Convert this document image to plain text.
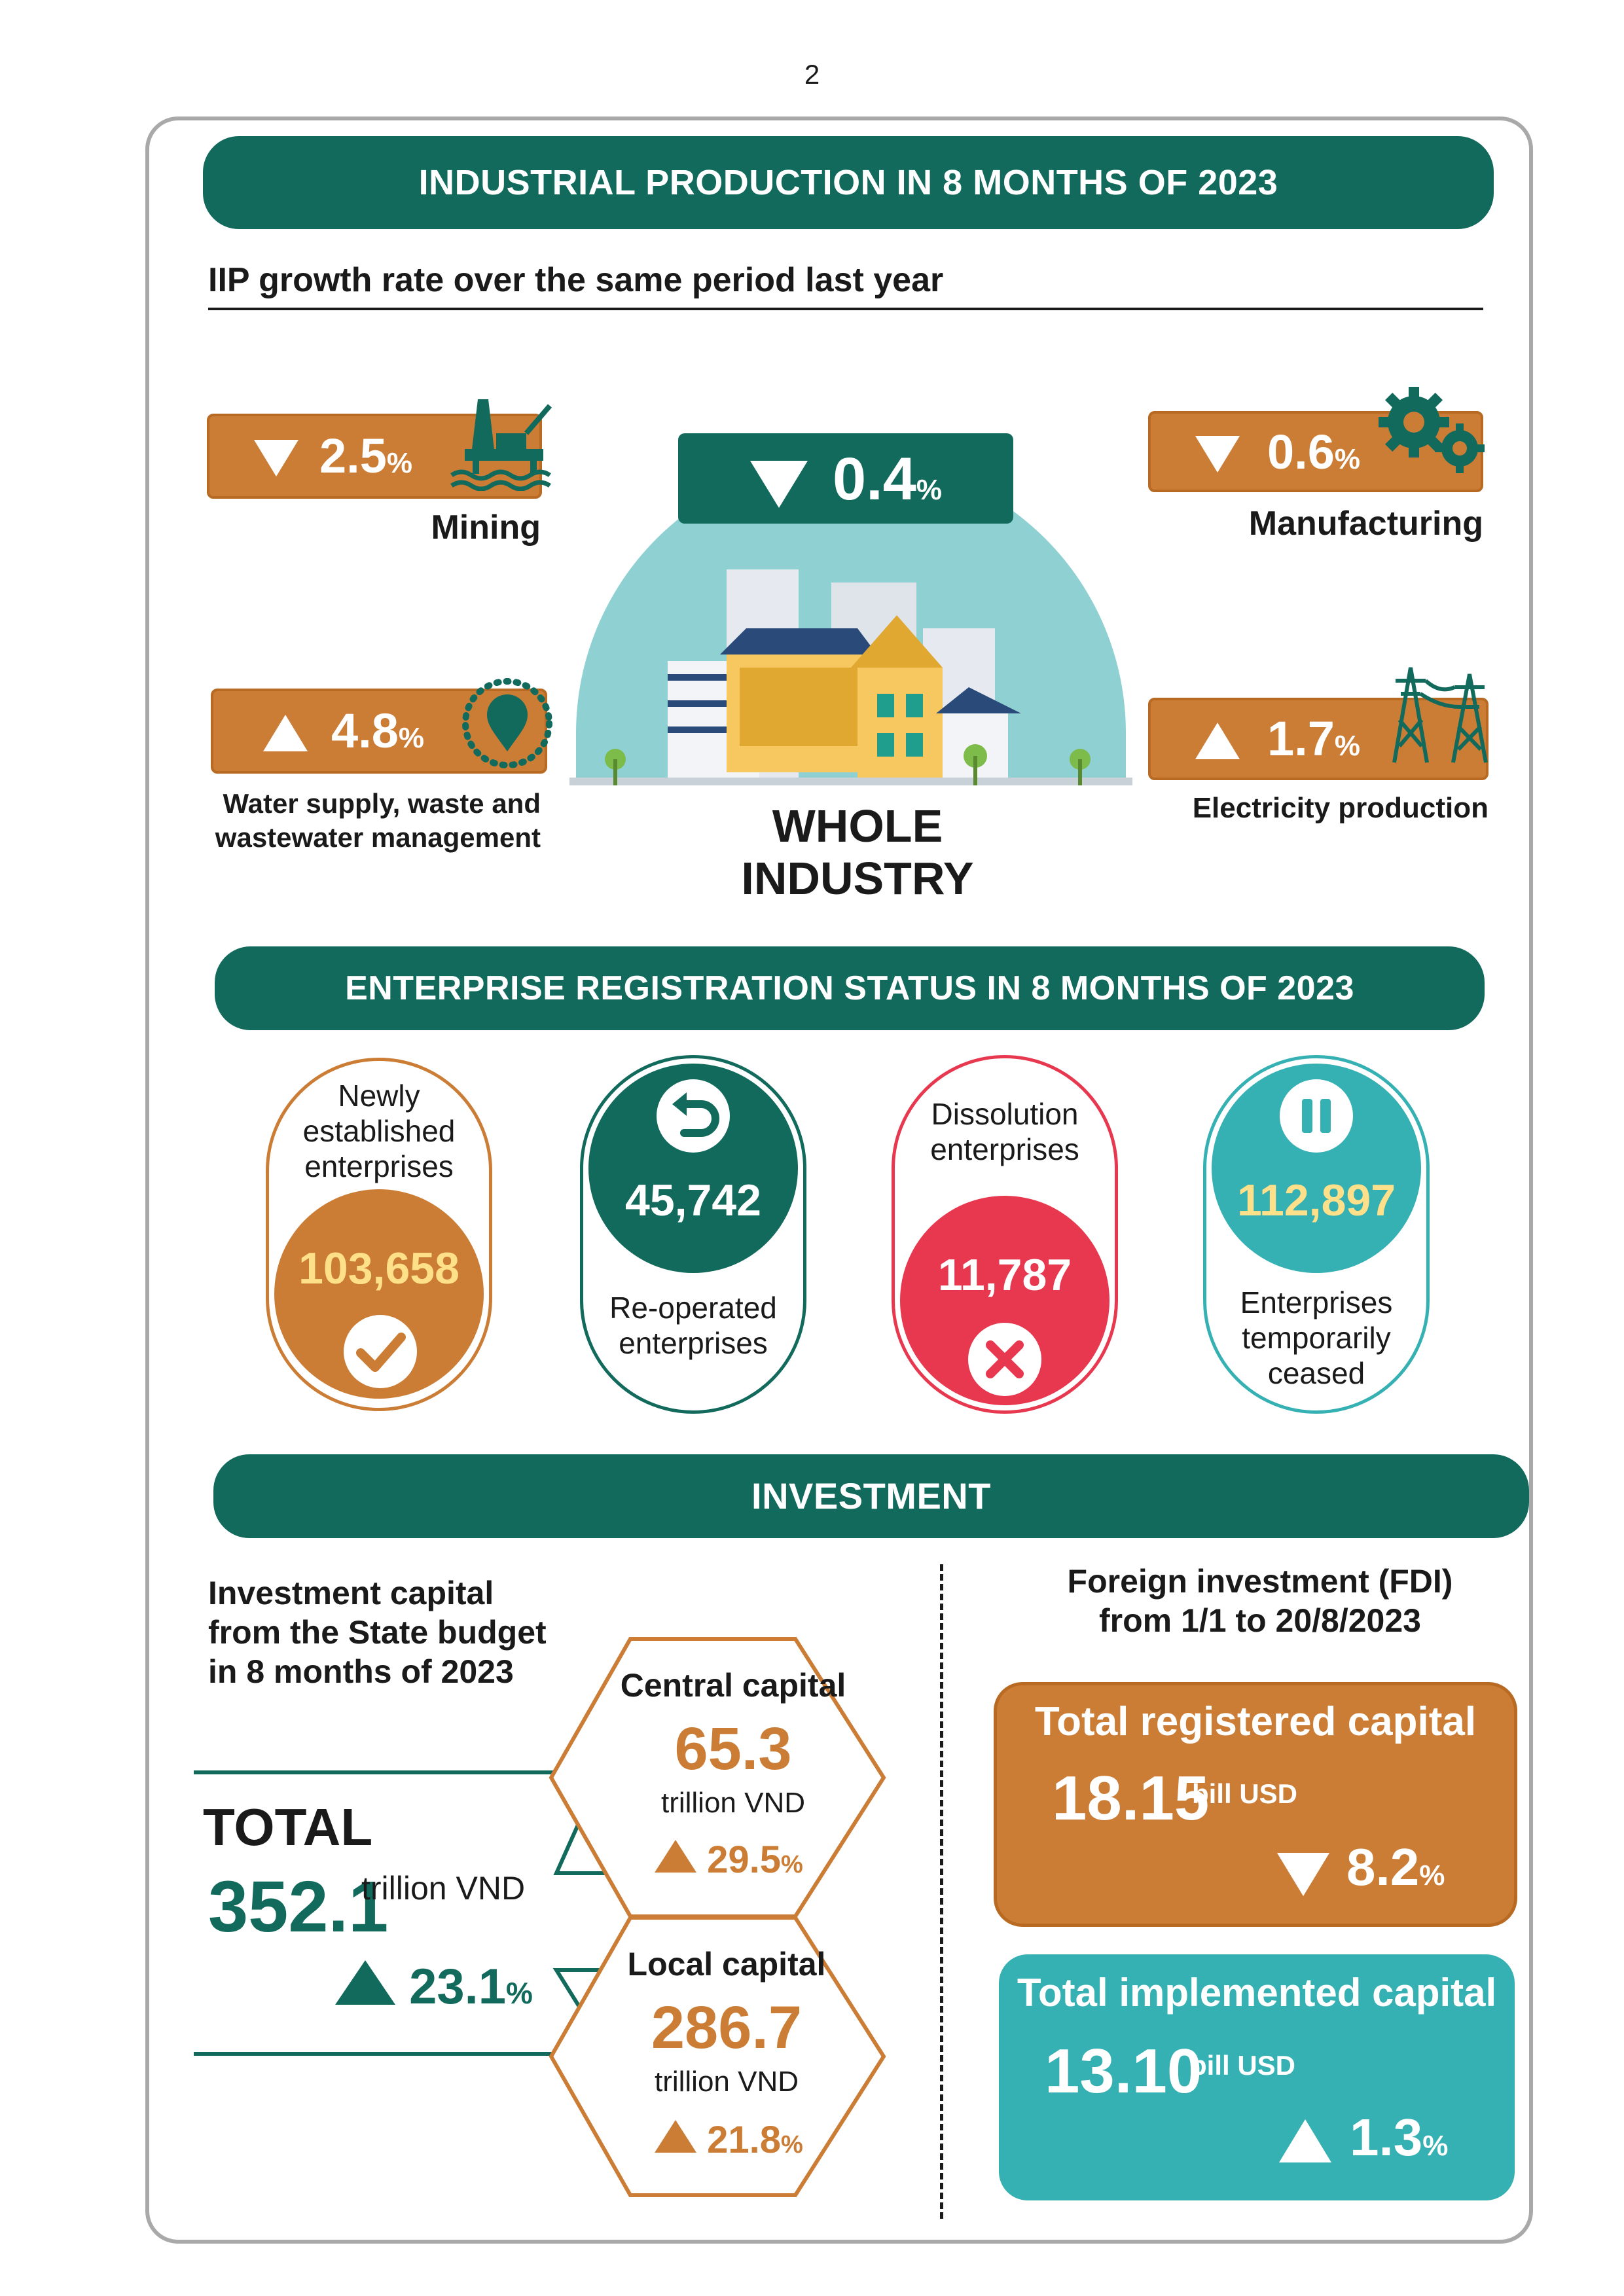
2
INDUSTRIAL PRODUCTION IN 8 MONTHS OF 2023
IIP growth rate over the same period last year
2.5%
Mining
4.8%
Water supply, waste and
wastewater management
0.4%
WHOLE INDUSTRY
0.6%
Manufacturing
1.7%
Electricity production
ENTERPRISE REGISTRATION STATUS IN 8 MONTHS OF 2023
Newly
established
enterprises
103,658
45,742
Re-operated
enterprises
Dissolution
enterprises
11,787
112,897
Enterprises
temporarily
ceased
INVESTMENT
Investment capital
from the State budget
in 8 months of 2023
TOTAL
352.1
trillion VND
23.1%
Central capital
65.3
trillion VND
29.5%
Local capital
286.7
trillion VND
21.8%
Foreign investment (FDI)
from 1/1 to 20/8/2023
Total registered capital
18.15
bill USD
8.2%
Total implemented capital
13.10
bill USD
1.3%
